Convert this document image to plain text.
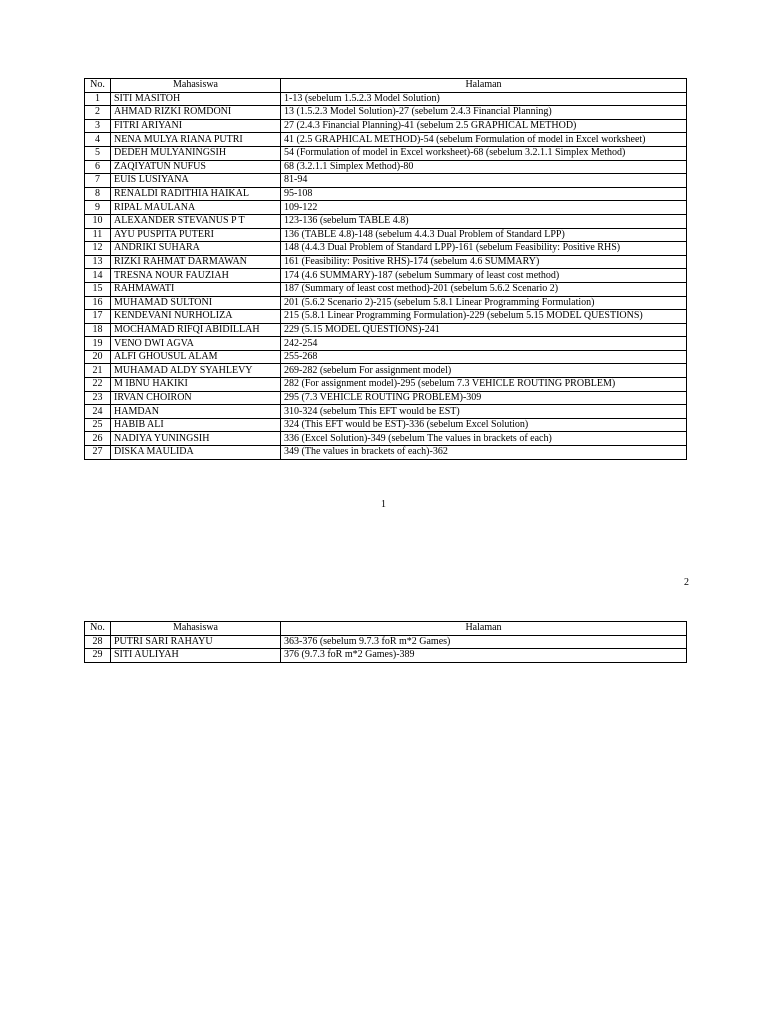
No.	Mahasiswa	Halaman
1	SITI MASITOH	1-13 (sebelum 1.5.2.3 Model Solution)
2	AHMAD RIZKI ROMDONI	13 (1.5.2.3 Model Solution)-27 (sebelum 2.4.3 Financial Planning)
3	FITRI ARIYANI	27 (2.4.3 Financial Planning)-41 (sebelum 2.5 GRAPHICAL METHOD)
4	NENA MULYA RIANA PUTRI	41 (2.5 GRAPHICAL METHOD)-54 (sebelum Formulation of model in Excel worksheet)
5	DEDEH MULYANINGSIH	54 (Formulation of model in Excel worksheet)-68 (sebelum 3.2.1.1 Simplex Method)
6	ZAQIYATUN NUFUS	68 (3.2.1.1 Simplex Method)-80
7	EUIS LUSIYANA	81-94
8	RENALDI RADITHIA HAIKAL	95-108
9	RIPAL MAULANA	109-122
10	ALEXANDER STEVANUS P T	123-136 (sebelum TABLE 4.8)
11	AYU PUSPITA PUTERI	136 (TABLE 4.8)-148 (sebelum 4.4.3 Dual Problem of Standard LPP)
12	ANDRIKI SUHARA	148 (4.4.3 Dual Problem of Standard LPP)-161 (sebelum Feasibility: Positive RHS)
13	RIZKI RAHMAT DARMAWAN	161 (Feasibility: Positive RHS)-174 (sebelum 4.6 SUMMARY)
14	TRESNA NOUR FAUZIAH	174 (4.6 SUMMARY)-187 (sebelum Summary of least cost method)
15	RAHMAWATI	187 (Summary of least cost method)-201 (sebelum 5.6.2 Scenario 2)
16	MUHAMAD SULTONI	201 (5.6.2 Scenario 2)-215 (sebelum 5.8.1 Linear Programming Formulation)
17	KENDEVANI NURHOLIZA	215 (5.8.1 Linear Programming Formulation)-229 (sebelum 5.15 MODEL QUESTIONS)
18	MOCHAMAD RIFQI ABIDILLAH	229 (5.15 MODEL QUESTIONS)-241
19	VENO DWI AGVA	242-254
20	ALFI GHOUSUL ALAM	255-268
21	MUHAMAD ALDY SYAHLEVY	269-282 (sebelum For assignment model)
22	M IBNU HAKIKI	282 (For assignment model)-295 (sebelum 7.3 VEHICLE ROUTING PROBLEM)
23	IRVAN CHOIRON	295 (7.3 VEHICLE ROUTING PROBLEM)-309
24	HAMDAN	310-324 (sebelum This EFT would be EST)
25	HABIB ALI	324 (This EFT would be EST)-336 (sebelum Excel Solution)
26	NADIYA YUNINGSIH	336 (Excel Solution)-349 (sebelum The values in brackets of each)
27	DISKA MAULIDA	349 (The values in brackets of each)-362
1
2
No.	Mahasiswa	Halaman
28	PUTRI SARI RAHAYU	363-376 (sebelum 9.7.3 foR m*2 Games)
29	SITI AULIYAH	376 (9.7.3 foR m*2 Games)-389
